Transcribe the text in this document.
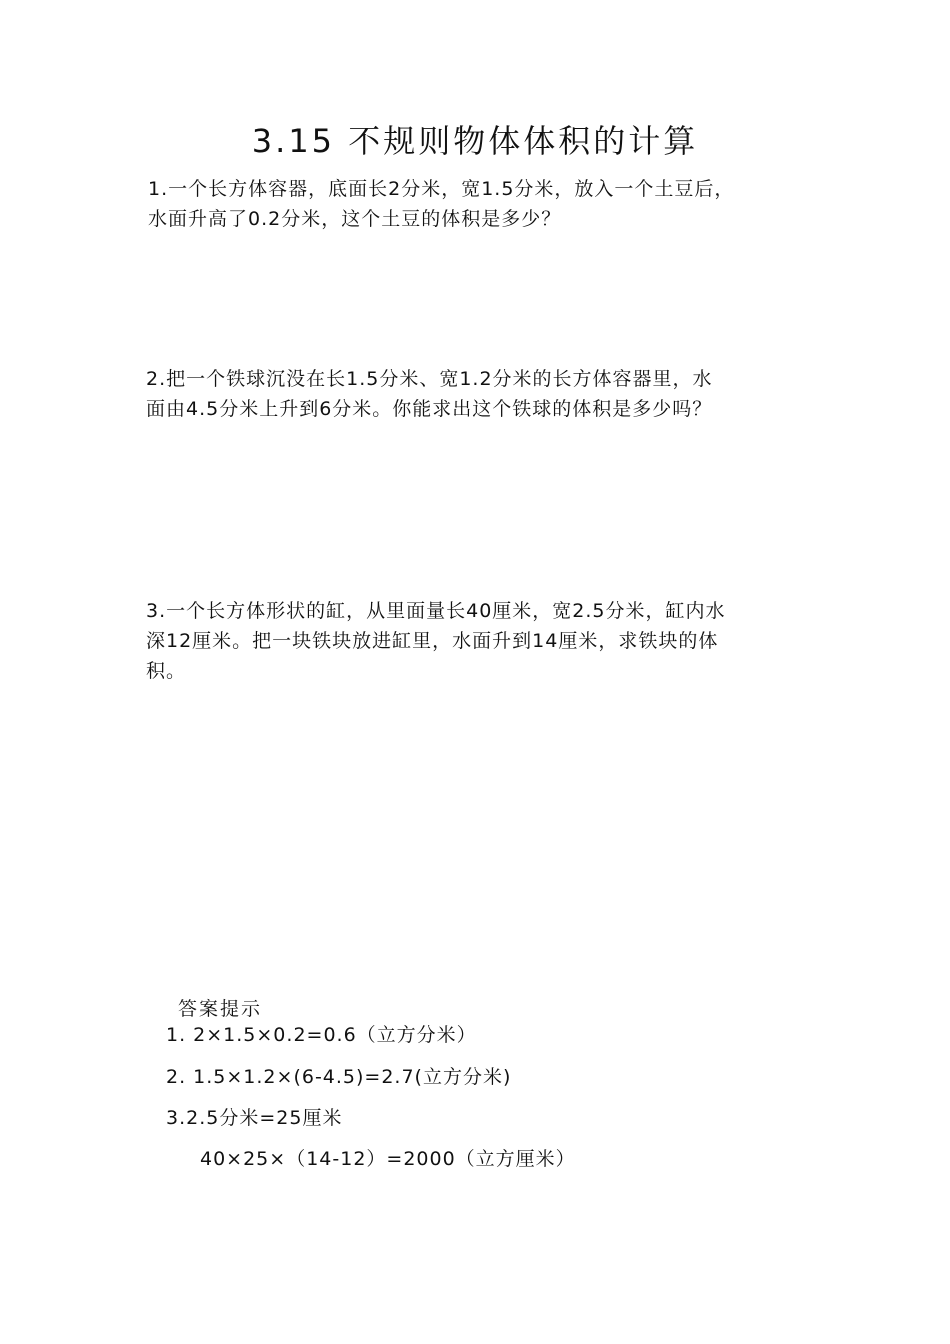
3.15 不规则物体体积的计算
1.一个长方体容器，底面长2分米，宽1.5分米，放入一个土豆后，
水面升高了0.2分米，这个土豆的体积是多少？
2.把一个铁球沉没在长1.5分米、宽1.2分米的长方体容器里，水
面由4.5分米上升到6分米。你能求出这个铁球的体积是多少吗？
3.一个长方体形状的缸，从里面量长40厘米，宽2.5分米，缸内水
深12厘米。把一块铁块放进缸里，水面升到14厘米，求铁块的体
积。
答案提示
1. 2×1.5×0.2=0.6（立方分米）
2. 1.5×1.2×(6-4.5)=2.7(立方分米)
3.2.5分米=25厘米
40×25×（14-12）=2000（立方厘米）
